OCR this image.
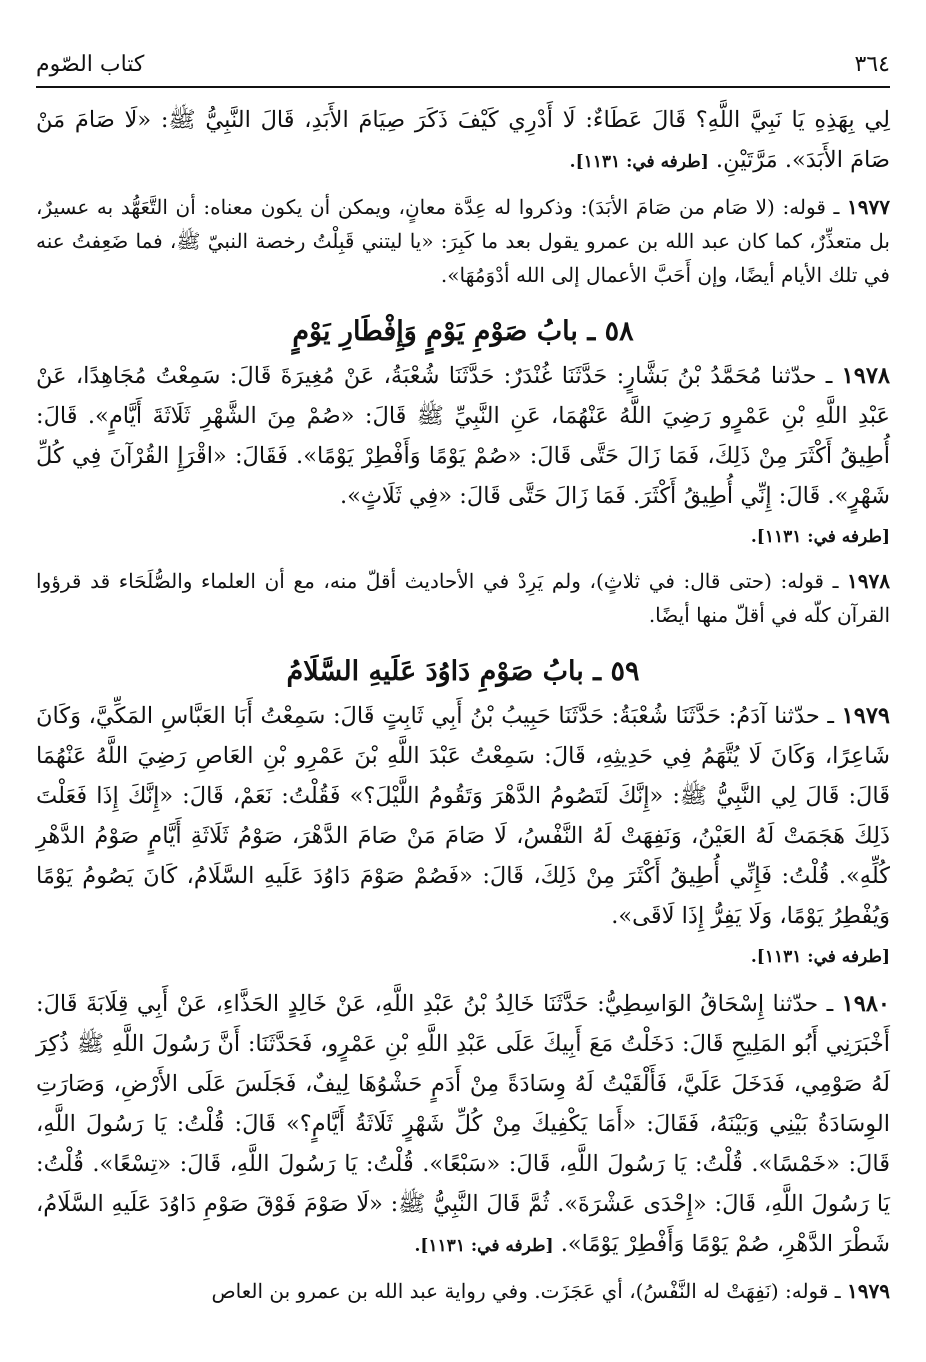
٣٦٤
كتاب الصّوم

لِي بِهَذِهِ يَا نَبِيَّ اللَّهِ؟ قَالَ عَطَاءٌ: لَا أَدْرِي كَيْفَ ذَكَرَ صِيَامَ الأَبَدِ، قَالَ النَّبِيُّ ﷺ: «لَا صَامَ مَنْ صَامَ الأَبَدَ». مَرَّتَيْنِ. [طرفه في: ١١٣١].

١٩٧٧ ـ قوله: (لا صَام من صَامَ الأبَدَ): وذكروا له عِدَّة معانٍ، ويمكن أن يكون معناه: أن التَّعَهُّد به عسيرٌ، بل متعذِّرٌ، كما كان عبد الله بن عمرو يقول بعد ما كَبِرَ: «يا ليتني قَبِلْتُ رخصة النبيّ ﷺ، فما ضَعِفتُ عنه في تلك الأيام أيضًا، وإن أَحَبَّ الأعمال إلى الله أدْوَمُهَا».

٥٨ ـ بابُ صَوْمِ يَوْمٍ وَإِفْطَارِ يَوْمٍ

١٩٧٨ ـ حدّثنا مُحَمَّدُ بْنُ بَشَّارٍ: حَدَّثَنَا غُنْدَرٌ: حَدَّثَنَا شُعْبَةُ، عَنْ مُغِيرَةَ قَالَ: سَمِعْتُ مُجَاهِدًا، عَنْ عَبْدِ اللَّهِ بْنِ عَمْرٍو رَضِيَ اللَّهُ عَنْهُمَا، عَنِ النَّبِيِّ ﷺ قَالَ: «صُمْ مِنَ الشَّهْرِ ثَلَاثَةَ أَيَّامٍ». قَالَ: أُطِيقُ أَكْثَرَ مِنْ ذَلِكَ، فَمَا زَالَ حَتَّى قَالَ: «صُمْ يَوْمًا وَأَفْطِرْ يَوْمًا». فَقَالَ: «اقْرَإِ القُرْآنَ فِي كُلِّ شَهْرٍ». قَالَ: إِنِّي أُطِيقُ أَكْثَرَ. فَمَا زَالَ حَتَّى قَالَ: «فِي ثَلَاثٍ».

[طرفه في: ١١٣١].

١٩٧٨ ـ قوله: (حتى قال: في ثلاثٍ)، ولم يَرِدْ في الأحاديث أقلّ منه، مع أن العلماء والصُّلَحَاء قد قرؤوا القرآن كلّه في أقلّ منها أيضًا.

٥٩ ـ بابُ صَوْمِ دَاوُدَ عَلَيهِ السَّلَامُ

١٩٧٩ ـ حدّثنا آدَمُ: حَدَّثَنَا شُعْبَةُ: حَدَّثَنَا حَبِيبُ بْنُ أَبِي ثَابِتٍ قَالَ: سَمِعْتُ أَبَا العَبَّاسِ المَكِّيَّ، وَكَانَ شَاعِرًا، وَكَانَ لَا يُتَّهَمُ فِي حَدِيثِهِ، قَالَ: سَمِعْتُ عَبْدَ اللَّهِ بْنَ عَمْرِو بْنِ العَاصِ رَضِيَ اللَّهُ عَنْهُمَا قَالَ: قَالَ لِي النَّبِيُّ ﷺ: «إِنَّكَ لَتَصُومُ الدَّهْرَ وَتَقُومُ اللَّيْلَ؟» فَقُلْتُ: نَعَمْ، قَالَ: «إِنَّكَ إِذَا فَعَلْتَ ذَلِكَ هَجَمَتْ لَهُ العَيْنُ، وَنَفِهَتْ لَهُ النَّفْسُ، لَا صَامَ مَنْ صَامَ الدَّهْرَ، صَوْمُ ثَلَاثَةِ أَيَّامٍ صَوْمُ الدَّهْرِ كُلِّهِ». قُلْتُ: فَإِنِّي أُطِيقُ أَكْثَرَ مِنْ ذَلِكَ، قَالَ: «فَصُمْ صَوْمَ دَاوُدَ عَلَيهِ السَّلَامُ، كَانَ يَصُومُ يَوْمًا وَيُفْطِرُ يَوْمًا، وَلَا يَفِرُّ إِذَا لَاقَى».

[طرفه في: ١١٣١].

١٩٨٠ ـ حدّثنا إِسْحَاقُ الوَاسِطِيُّ: حَدَّثَنَا خَالِدُ بْنُ عَبْدِ اللَّهِ، عَنْ خَالِدٍ الحَذَّاءِ، عَنْ أَبِي قِلَابَةَ قَالَ: أَخْبَرَنِي أَبُو المَلِيحِ قَالَ: دَخَلْتُ مَعَ أَبِيكَ عَلَى عَبْدِ اللَّهِ بْنِ عَمْرٍو، فَحَدَّثَنَا: أَنَّ رَسُولَ اللَّهِ ﷺ ذُكِرَ لَهُ صَوْمِي، فَدَخَلَ عَلَيَّ، فَأَلْقَيْتُ لَهُ وِسَادَةً مِنْ أَدَمٍ حَشْوُهَا لِيفٌ، فَجَلَسَ عَلَى الأَرْضِ، وَصَارَتِ الوِسَادَةُ بَيْنِي وَبَيْنَهُ، فَقَالَ: «أَمَا يَكْفِيكَ مِنْ كُلِّ شَهْرٍ ثَلَاثَةُ أَيَّامٍ؟» قَالَ: قُلْتُ: يَا رَسُولَ اللَّهِ، قَالَ: «خَمْسًا». قُلْتُ: يَا رَسُولَ اللَّهِ، قَالَ: «سَبْعًا». قُلْتُ: يَا رَسُولَ اللَّهِ، قَالَ: «تِسْعًا». قُلْتُ: يَا رَسُولَ اللَّهِ، قَالَ: «إِحْدَى عَشْرَةَ». ثُمَّ قَالَ النَّبِيُّ ﷺ: «لَا صَوْمَ فَوْقَ صَوْمِ دَاوُدَ عَلَيهِ السَّلَامُ، شَطْرَ الدَّهْرِ، صُمْ يَوْمًا وَأَفْطِرْ يَوْمًا». [طرفه في: ١١٣١].

١٩٧٩ ـ قوله: (نَفِهَتْ له النَّفْسُ)، أي عَجَزَت. وفي رواية عبد الله بن عمرو بن العاص
